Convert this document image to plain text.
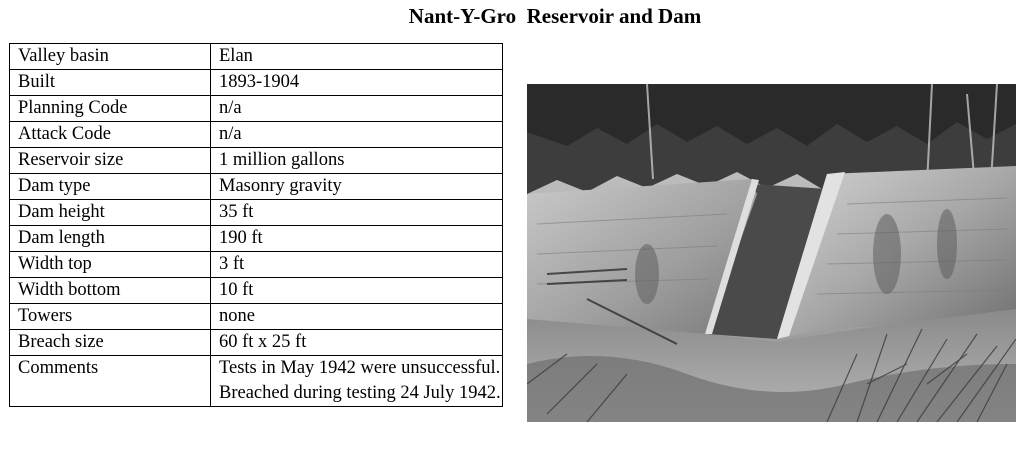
Nant-Y-Gro  Reservoir and Dam
Valley basin	Elan
Built	1893-1904
Planning Code	n/a
Attack Code	n/a
Reservoir size	1 million gallons
Dam type	Masonry gravity
Dam height	35 ft
Dam length	190 ft
Width top	3 ft
Width bottom	10 ft
Towers	none
Breach size	60 ft x 25 ft
Comments	Tests in May 1942 were unsuccessful. Breached during testing 24 July 1942.
